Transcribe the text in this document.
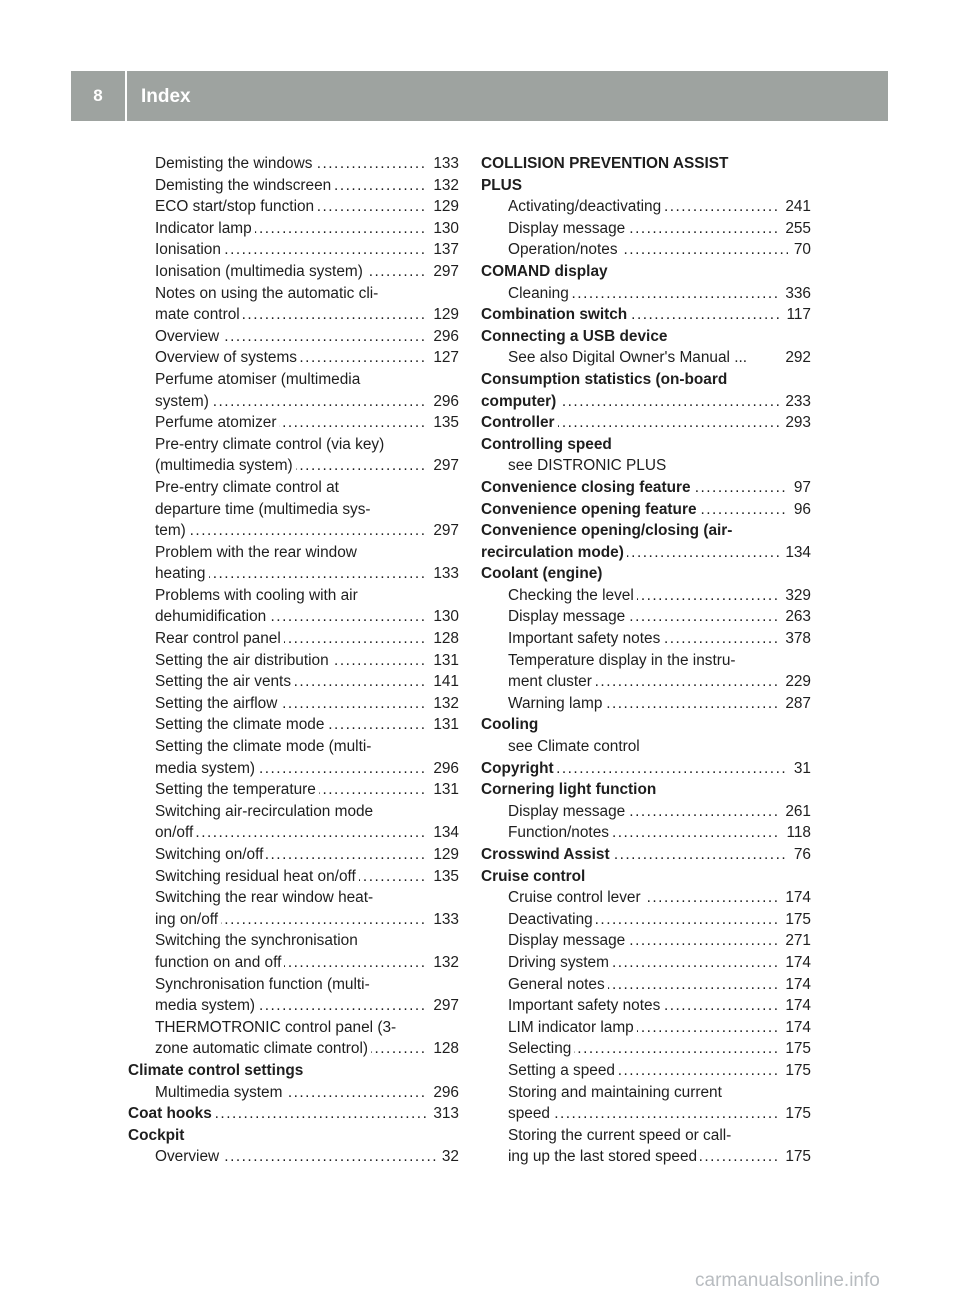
8	Index
Demisting the windows .....	133
Demisting the windscreen .....	132
ECO start/stop function .....	129
Indicator lamp .....	130
Ionisation .....	137
Ionisation (multimedia system) .....	297
Notes on using the automatic cli-
mate control .....	129
Overview .....	296
Overview of systems .....	127
Perfume atomiser (multimedia
system) .....	296
Perfume atomizer .....	135
Pre-entry climate control (via key)
(multimedia system) .....	297
Pre-entry climate control at
departure time (multimedia sys-
tem) .....	297
Problem with the rear window
heating .....	133
Problems with cooling with air
dehumidification .....	130
Rear control panel .....	128
Setting the air distribution .....	131
Setting the air vents .....	141
Setting the airflow .....	132
Setting the climate mode .....	131
Setting the climate mode (multi-
media system) .....	296
Setting the temperature .....	131
Switching air-recirculation mode
on/off .....	134
Switching on/off .....	129
Switching residual heat on/off .....	135
Switching the rear window heat-
ing on/off .....	133
Switching the synchronisation
function on and off .....	132
Synchronisation function (multi-
media system) .....	297
THERMOTRONIC control panel (3-
zone automatic climate control) .....	128
Climate control settings
Multimedia system .....	296
Coat hooks .....	313
Cockpit
Overview .....	32
COLLISION PREVENTION ASSIST
PLUS
Activating/deactivating .....	241
Display message .....	255
Operation/notes .....	70
COMAND display
Cleaning .....	336
Combination switch .....	117
Connecting a USB device
See also Digital Owner's Manual ...	292
Consumption statistics (on-board
computer) .....	233
Controller .....	293
Controlling speed
see DISTRONIC PLUS
Convenience closing feature .....	97
Convenience opening feature .....	96
Convenience opening/closing (air-
recirculation mode) .....	134
Coolant (engine)
Checking the level .....	329
Display message .....	263
Important safety notes .....	378
Temperature display in the instru-
ment cluster .....	229
Warning lamp .....	287
Cooling
see Climate control
Copyright .....	31
Cornering light function
Display message .....	261
Function/notes .....	118
Crosswind Assist .....	76
Cruise control
Cruise control lever .....	174
Deactivating .....	175
Display message .....	271
Driving system .....	174
General notes .....	174
Important safety notes .....	174
LIM indicator lamp .....	174
Selecting .....	175
Setting a speed .....	175
Storing and maintaining current
speed .....	175
Storing the current speed or call-
ing up the last stored speed .....	175
carmanualsonline.info
